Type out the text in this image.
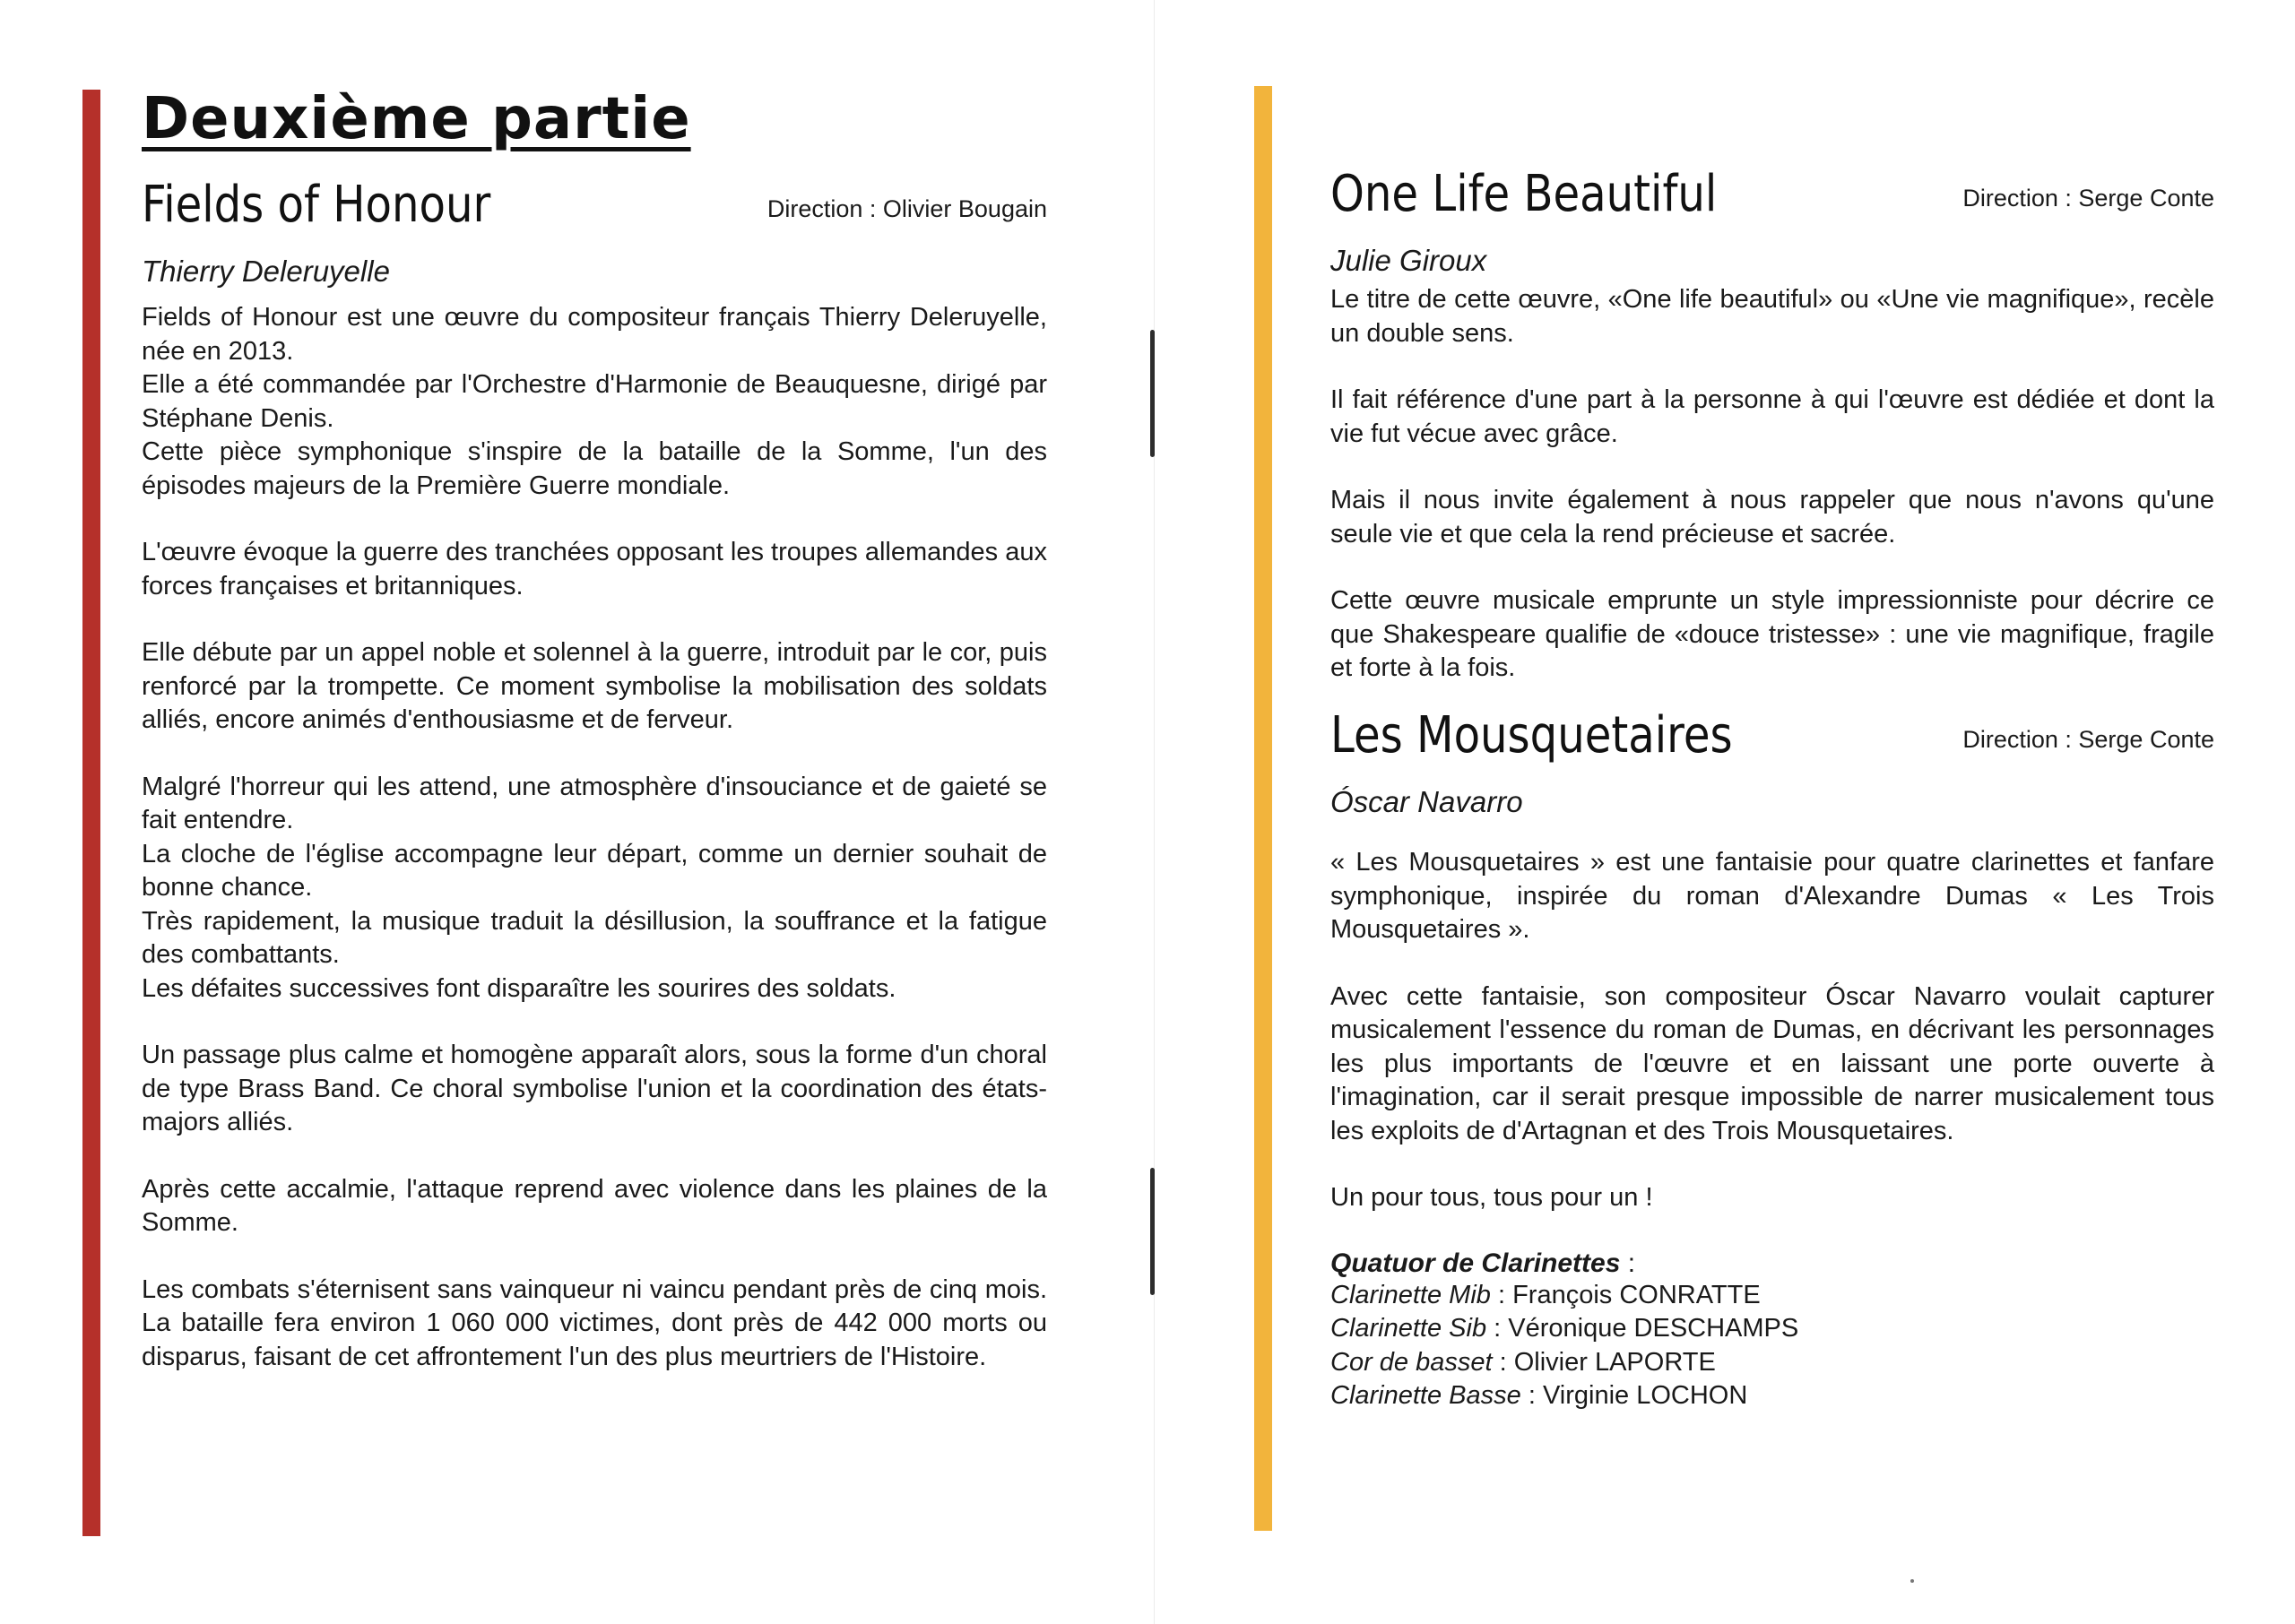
Deuxième partie
Fields of Honour	Direction : Olivier Bougain
Thierry Deleruyelle
Fields of Honour est une œuvre du compositeur français Thierry Deleruyelle, née en 2013.
Elle a été commandée par l'Orchestre d'Harmonie de Beauquesne, dirigé par Stéphane Denis.
Cette pièce symphonique s'inspire de la bataille de la Somme, l'un des épisodes majeurs de la Première Guerre mondiale.
L'œuvre évoque la guerre des tranchées opposant les troupes allemandes aux forces françaises et britanniques.
Elle débute par un appel noble et solennel à la guerre, introduit par le cor, puis renforcé par la trompette. Ce moment symbolise la mobilisation des soldats alliés, encore animés d'enthousiasme et de ferveur.
Malgré l'horreur qui les attend, une atmosphère d'insouciance et de gaieté se fait entendre.
La cloche de l'église accompagne leur départ, comme un dernier souhait de bonne chance.
Très rapidement, la musique traduit la désillusion, la souffrance et la fatigue des combattants.
Les défaites successives font disparaître les sourires des soldats.
Un passage plus calme et homogène apparaît alors, sous la forme d'un choral de type Brass Band. Ce choral symbolise l'union et la coordination des états-majors alliés.
Après cette accalmie, l'attaque reprend avec violence dans les plaines de la Somme.
Les combats s'éternisent sans vainqueur ni vaincu pendant près de cinq mois. La bataille fera environ 1 060 000 victimes, dont près de 442 000 morts ou disparus, faisant de cet affrontement l'un des plus meurtriers de l'Histoire.
One Life Beautiful	Direction : Serge Conte
Julie Giroux
Le titre de cette œuvre, «One life beautiful» ou «Une vie magnifique», recèle un double sens.
Il fait référence d'une part à la personne à qui l'œuvre est dédiée et dont la vie fut vécue avec grâce.
Mais il nous invite également à nous rappeler que nous n'avons qu'une seule vie et que cela la rend précieuse et sacrée.
Cette œuvre musicale emprunte un style impressionniste pour décrire ce que Shakespeare qualifie de «douce tristesse» : une vie magnifique, fragile et forte à la fois.
Les Mousquetaires	Direction : Serge Conte
Óscar Navarro
« Les Mousquetaires » est une fantaisie pour quatre clarinettes et fanfare symphonique, inspirée du roman d'Alexandre Dumas « Les Trois Mousquetaires ».
Avec cette fantaisie, son compositeur Óscar Navarro voulait capturer musicalement l'essence du roman de Dumas, en décrivant les personnages les plus importants de l'œuvre et en laissant une porte ouverte à l'imagination, car il serait presque impossible de narrer musicalement tous les exploits de d'Artagnan et des Trois Mousquetaires.
Un pour tous, tous pour un !

Quatuor de Clarinettes :

Clarinette Mib : François CONRATTE

Clarinette Sib : Véronique DESCHAMPS

Cor de basset : Olivier LAPORTE

Clarinette Basse : Virginie LOCHON
